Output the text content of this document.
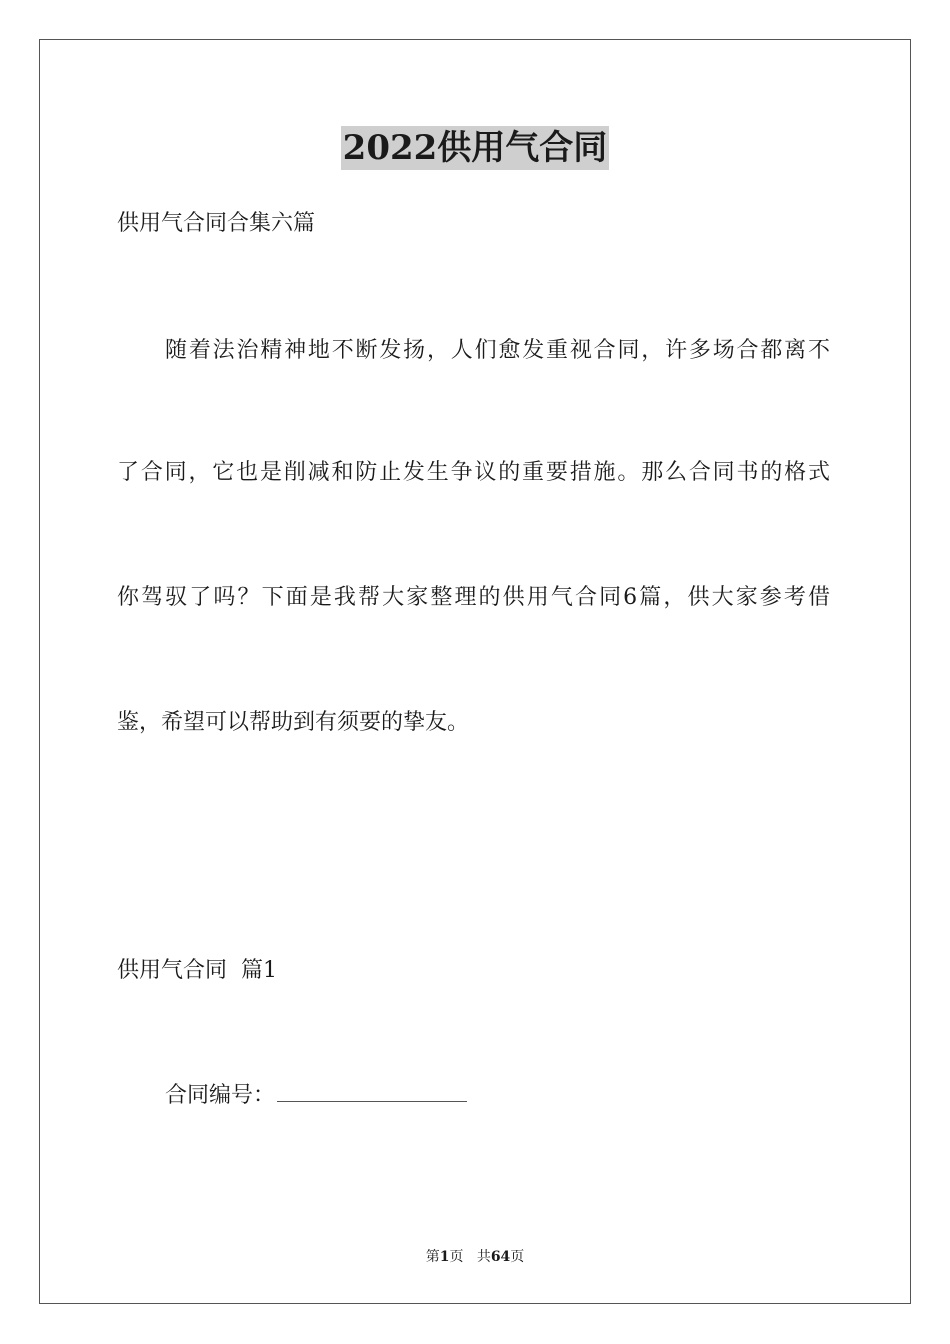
2022供用气合同
供用气合同合集六篇
随着法治精神地不断发扬，人们愈发重视合同，许多场合都离不
了合同，它也是削减和防止发生争议的重要措施。那么合同书的格式
你驾驭了吗？下面是我帮大家整理的供用气合同6篇，供大家参考借
鉴，希望可以帮助到有须要的挚友。
供用气合同  篇1
合同编号：
第1页 共64页
